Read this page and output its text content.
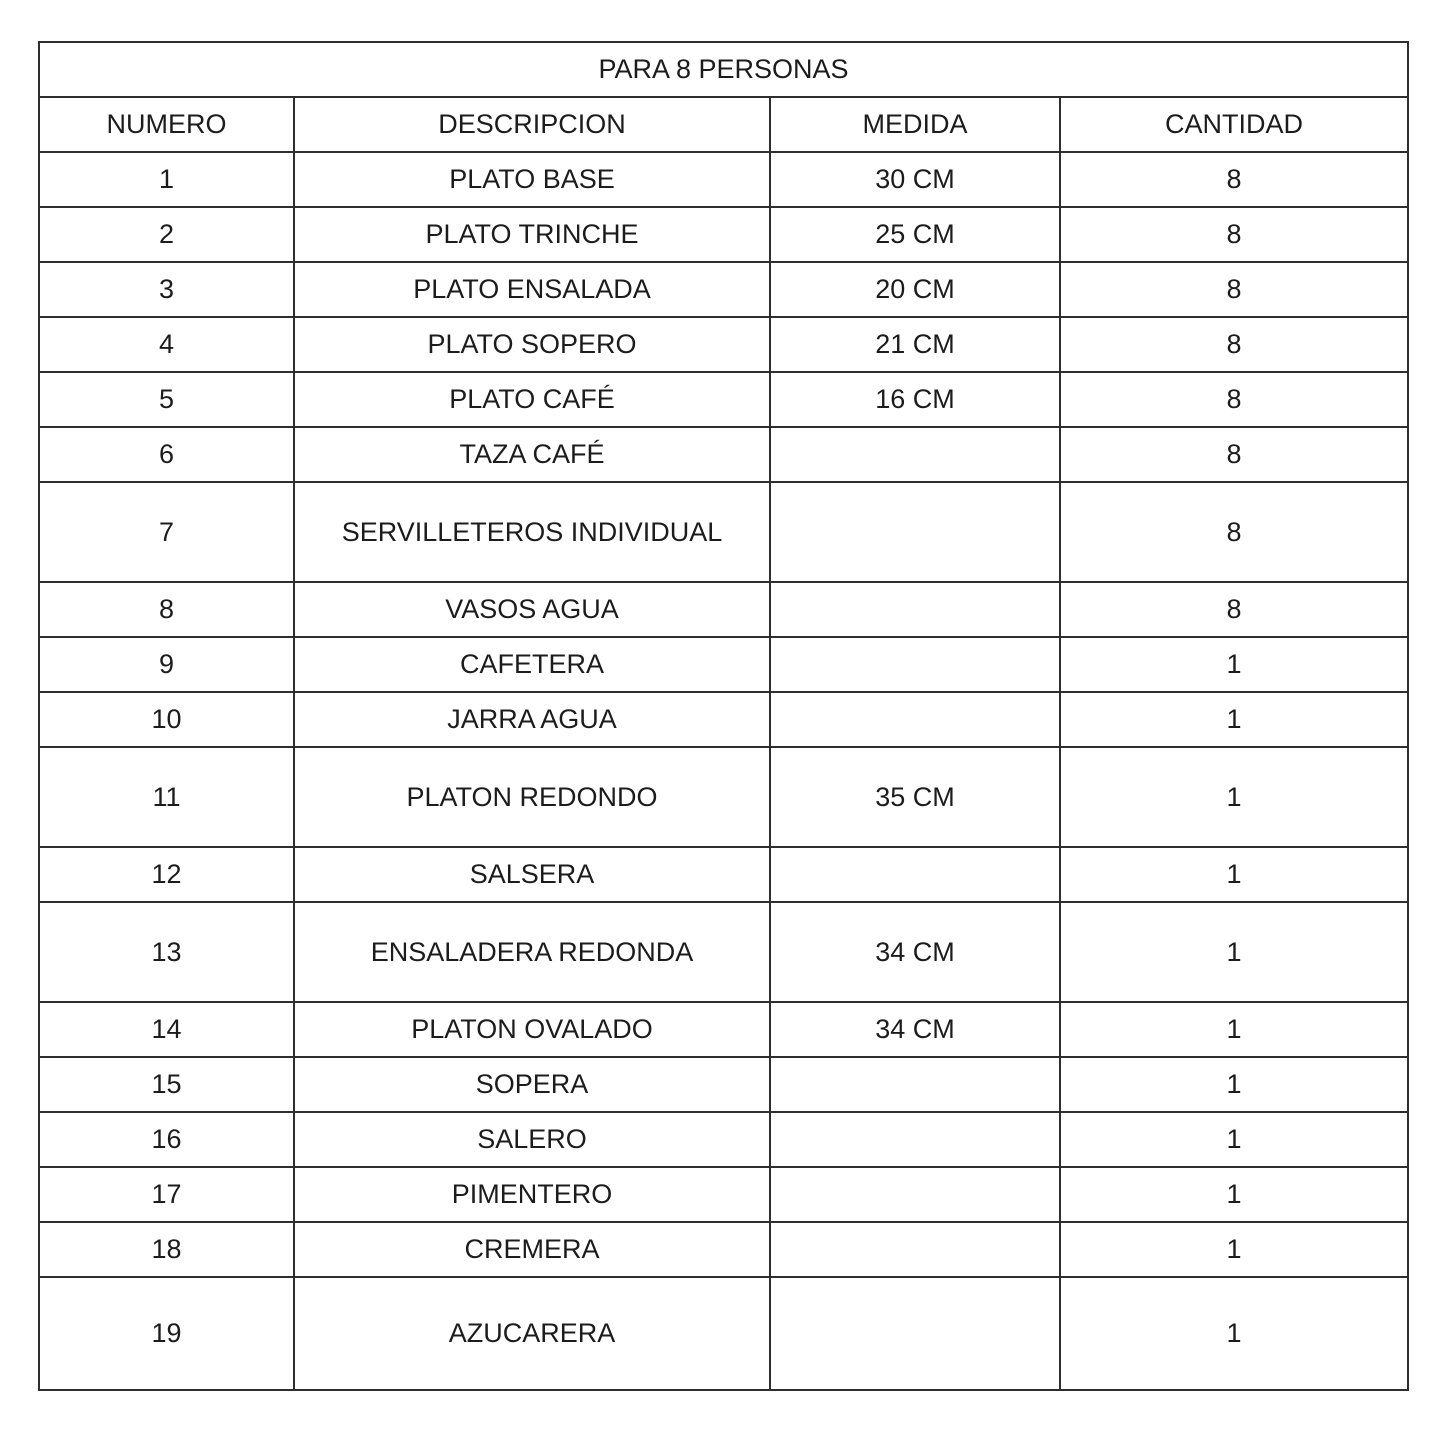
PARA 8 PERSONAS			
NUMERO	DESCRIPCION	MEDIDA	CANTIDAD
1	PLATO BASE	30 CM	8
2	PLATO TRINCHE	25 CM	8
3	PLATO ENSALADA	20 CM	8
4	PLATO SOPERO	21 CM	8
5	PLATO CAFÉ	16 CM	8
6	TAZA CAFÉ		8
7	SERVILLETEROS INDIVIDUAL		8
8	VASOS AGUA		8
9	CAFETERA		1
10	JARRA AGUA		1
11	PLATON REDONDO	35 CM	1
12	SALSERA		1
13	ENSALADERA REDONDA	34 CM	1
14	PLATON OVALADO	34 CM	1
15	SOPERA		1
16	SALERO		1
17	PIMENTERO		1
18	CREMERA		1
19	AZUCARERA		1
